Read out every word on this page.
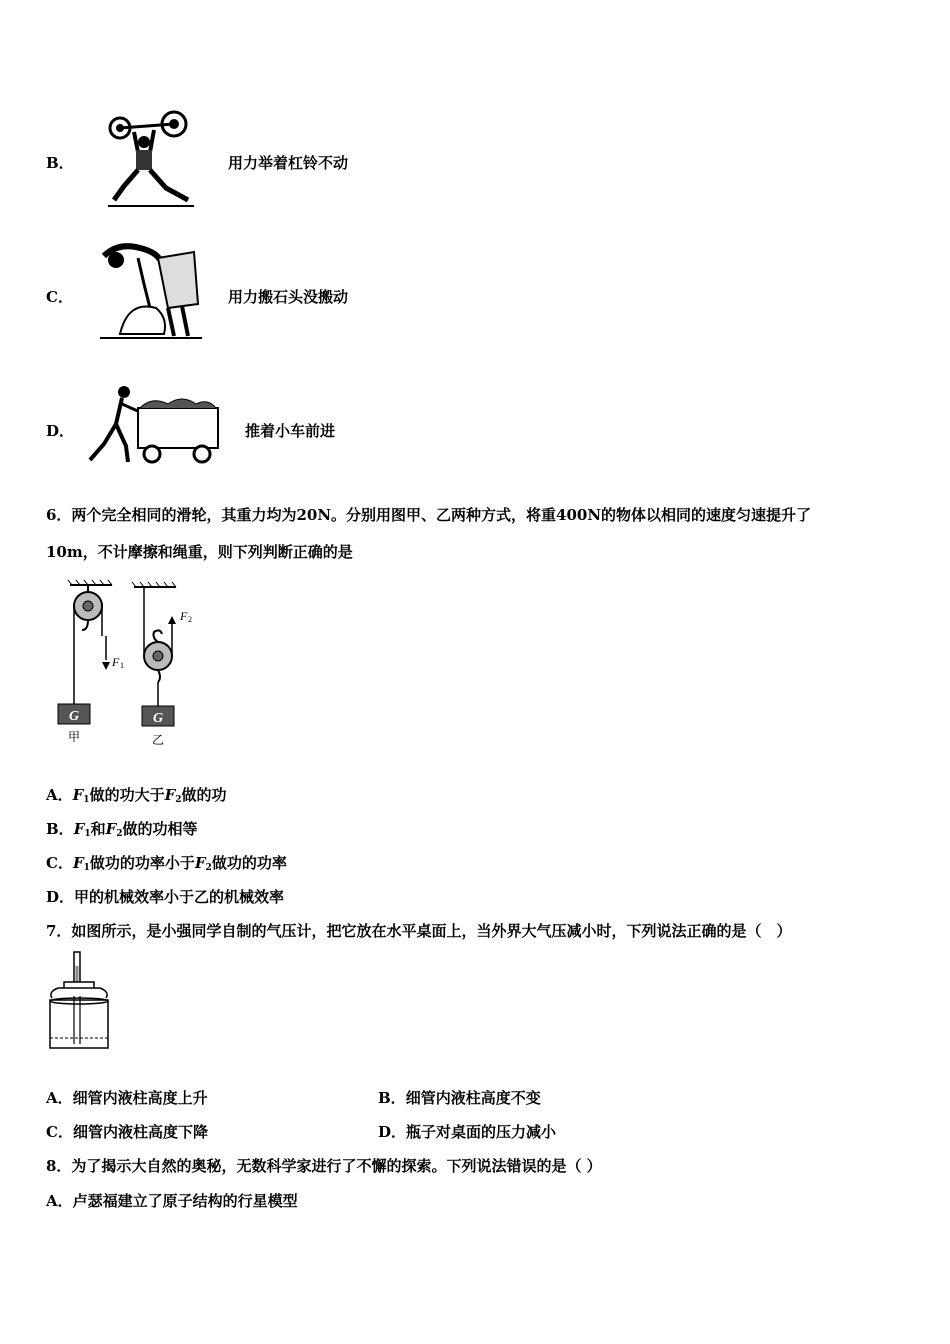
B．	用力举着杠铃不动
C．	用力搬石头没搬动
D．	推着小车前进
6．两个完全相同的滑轮，其重力均为20N。分别用图甲、乙两种方式，将重400N的物体以相同的速度匀速提升了
10m，不计摩擦和绳重，则下列判断正确的是
G	G
F 1
F 2
甲	乙
A．$F_1$做的功大于$F_2$做的功
B．$F_1$和$F_2$做的功相等
C．$F_1$做功的功率小于$F_2$做功的功率
D．甲的机械效率小于乙的机械效率
7．如图所示，是小强同学自制的气压计，把它放在水平桌面上，当外界大气压减小时，下列说法正确的是（　）
A．细管内液柱高度上升	B．细管内液柱高度不变
C．细管内液柱高度下降	D．瓶子对桌面的压力减小
8．为了揭示大自然的奥秘，无数科学家进行了不懈的探索。下列说法错误的是（ ）
A．卢瑟福建立了原子结构的行星模型
